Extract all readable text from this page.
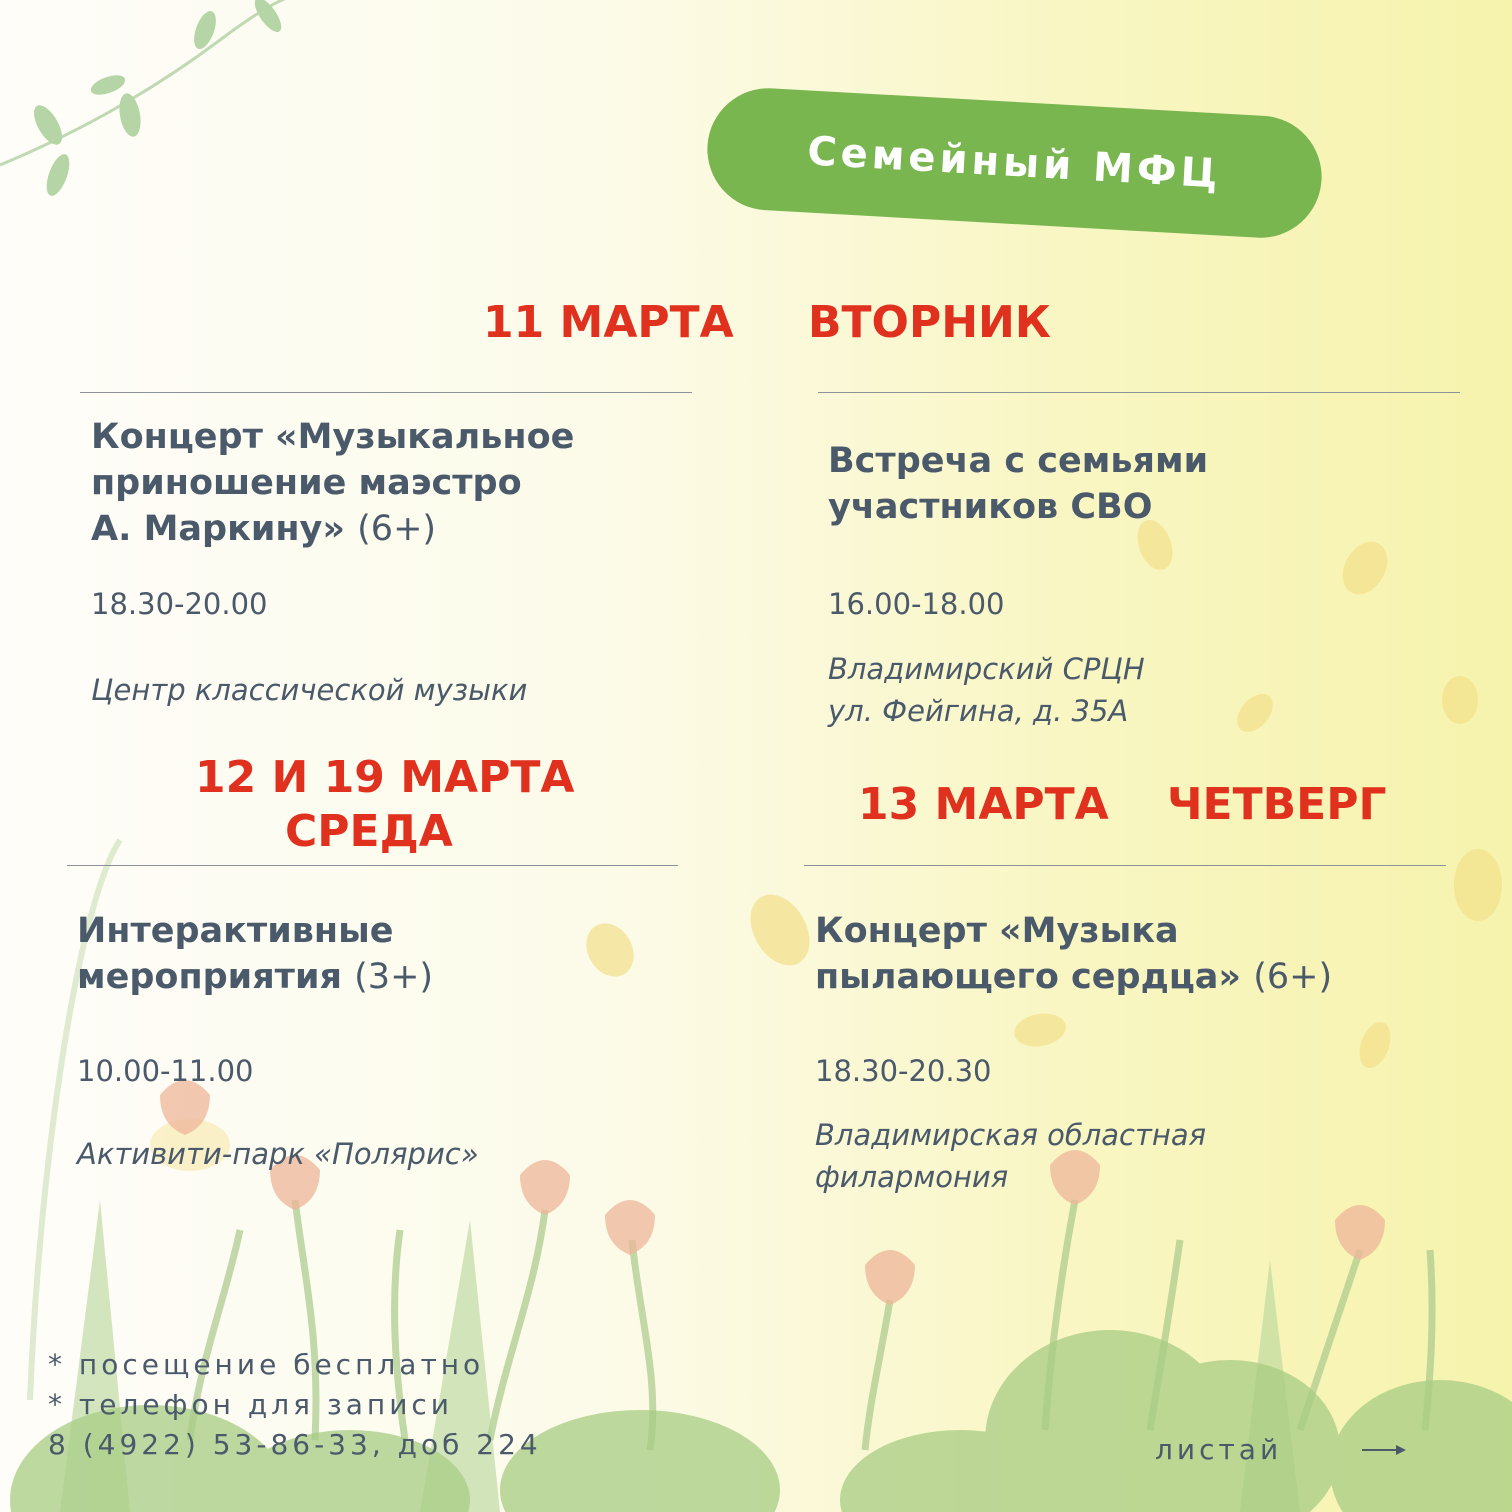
Семейный МФЦ
11 МАРТА ВТОРНИК
Концерт «Музыкальное
приношение маэстро
А. Маркину» (6+)
18.30-20.00
Центр классической музыки
Встреча с семьями
участников СВО
16.00-18.00
Владимирский СРЦН
ул. Фейгина, д. 35А
12 И 19 МАРТА
СРЕДА
13 МАРТА ЧЕТВЕРГ
Интерактивные
мероприятия (3+)
10.00-11.00
Активити-парк «Полярис»
Концерт «Музыка
пылающего сердца» (6+)
18.30-20.30
Владимирская областная
филармония
* посещение бесплатно
* телефон для записи
8 (4922) 53-86-33, доб 224	листай
